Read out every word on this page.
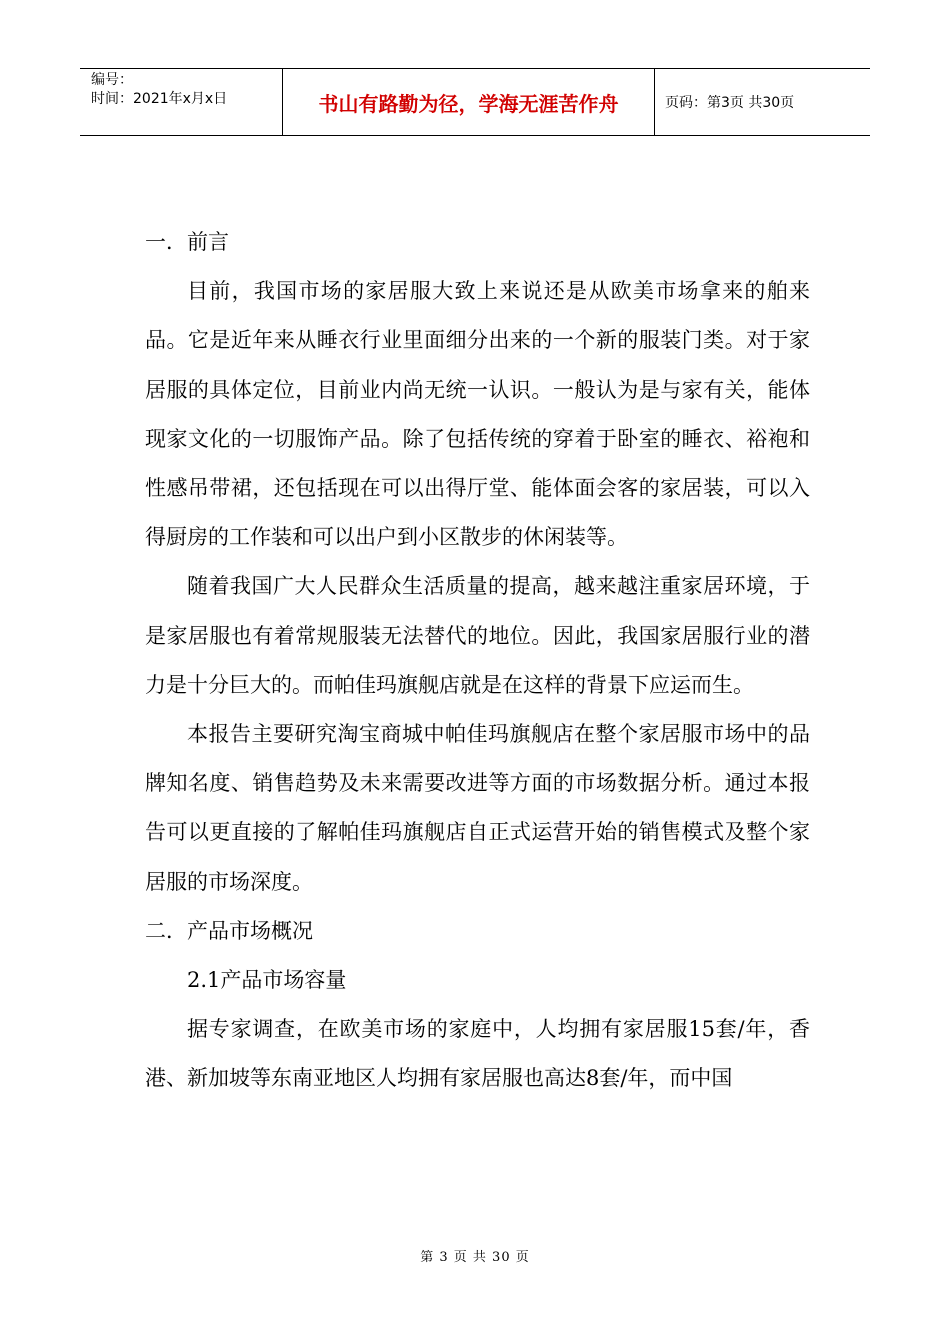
编号：
时间：2021年x月x日	书山有路勤为径，学海无涯苦作舟	页码：第3页 共30页

一．前言

目前，我国市场的家居服大致上来说还是从欧美市场拿来的舶来品。它是近年来从睡衣行业里面细分出来的一个新的服装门类。对于家居服的具体定位，目前业内尚无统一认识。一般认为是与家有关，能体现家文化的一切服饰产品。除了包括传统的穿着于卧室的睡衣、裕袍和性感吊带裙，还包括现在可以出得厅堂、能体面会客的家居装，可以入得厨房的工作装和可以出户到小区散步的休闲装等。

随着我国广大人民群众生活质量的提高，越来越注重家居环境，于是家居服也有着常规服装无法替代的地位。因此，我国家居服行业的潜力是十分巨大的。而帕佳玛旗舰店就是在这样的背景下应运而生。

本报告主要研究淘宝商城中帕佳玛旗舰店在整个家居服市场中的品牌知名度、销售趋势及未来需要改进等方面的市场数据分析。通过本报告可以更直接的了解帕佳玛旗舰店自正式运营开始的销售模式及整个家居服的市场深度。

二．产品市场概况

2.1产品市场容量

据专家调查，在欧美市场的家庭中，人均拥有家居服15套/年，香港、新加坡等东南亚地区人均拥有家居服也高达8套/年，而中国

第 3 页 共 30 页
